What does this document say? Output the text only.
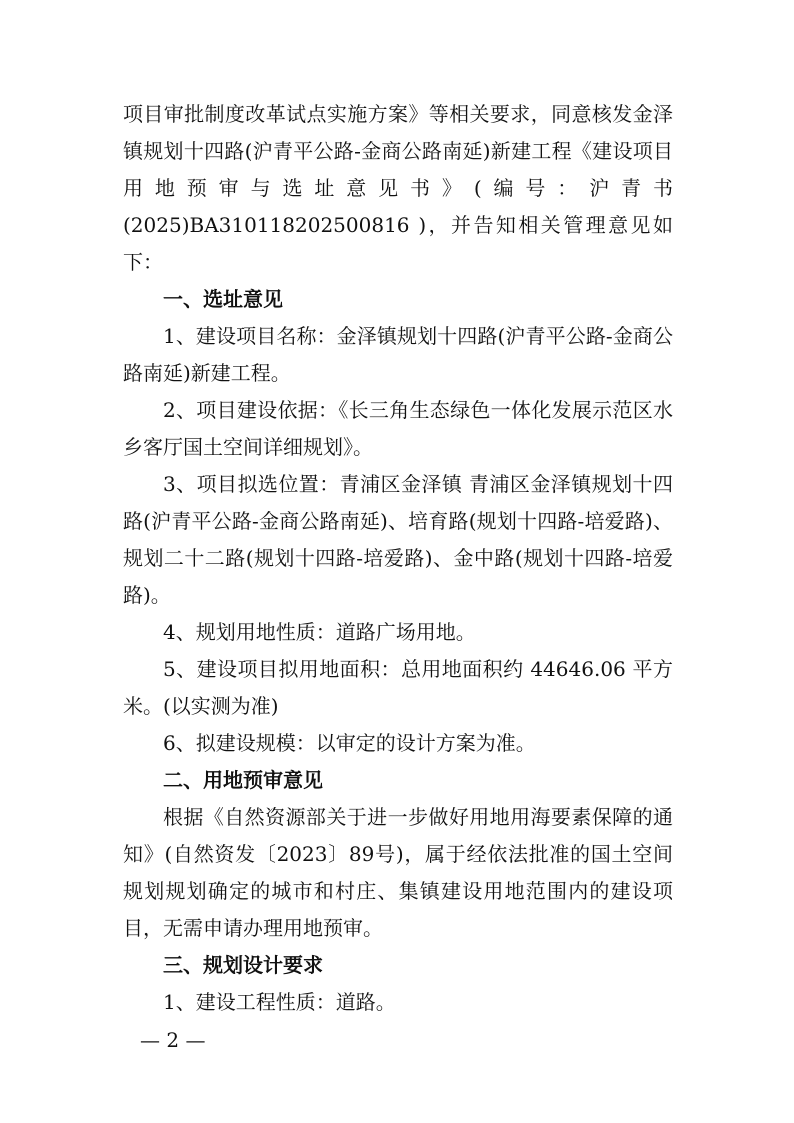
项目审批制度改革试点实施方案》等相关要求，同意核发金泽镇规划十四路(沪青平公路-金商公路南延)新建工程《建设项目用地预审与选址意见书》(编号：沪青书(2025)BA310118202500816 )，并告知相关管理意见如下：

一、选址意见

1、建设项目名称：金泽镇规划十四路(沪青平公路-金商公路南延)新建工程。

2、项目建设依据：《长三角生态绿色一体化发展示范区水乡客厅国土空间详细规划》。

3、项目拟选位置：青浦区金泽镇 青浦区金泽镇规划十四路(沪青平公路-金商公路南延)、培育路(规划十四路-培爱路)、规划二十二路(规划十四路-培爱路)、金中路(规划十四路-培爱路)。

4、规划用地性质：道路广场用地。

5、建设项目拟用地面积：总用地面积约 44646.06 平方米。(以实测为准)

6、拟建设规模：以审定的设计方案为准。

二、用地预审意见

根据《自然资源部关于进一步做好用地用海要素保障的通知》(自然资发〔2023〕89号)，属于经依法批准的国土空间规划规划确定的城市和村庄、集镇建设用地范围内的建设项目，无需申请办理用地预审。

三、规划设计要求

1、建设工程性质：道路。

— 2 —
